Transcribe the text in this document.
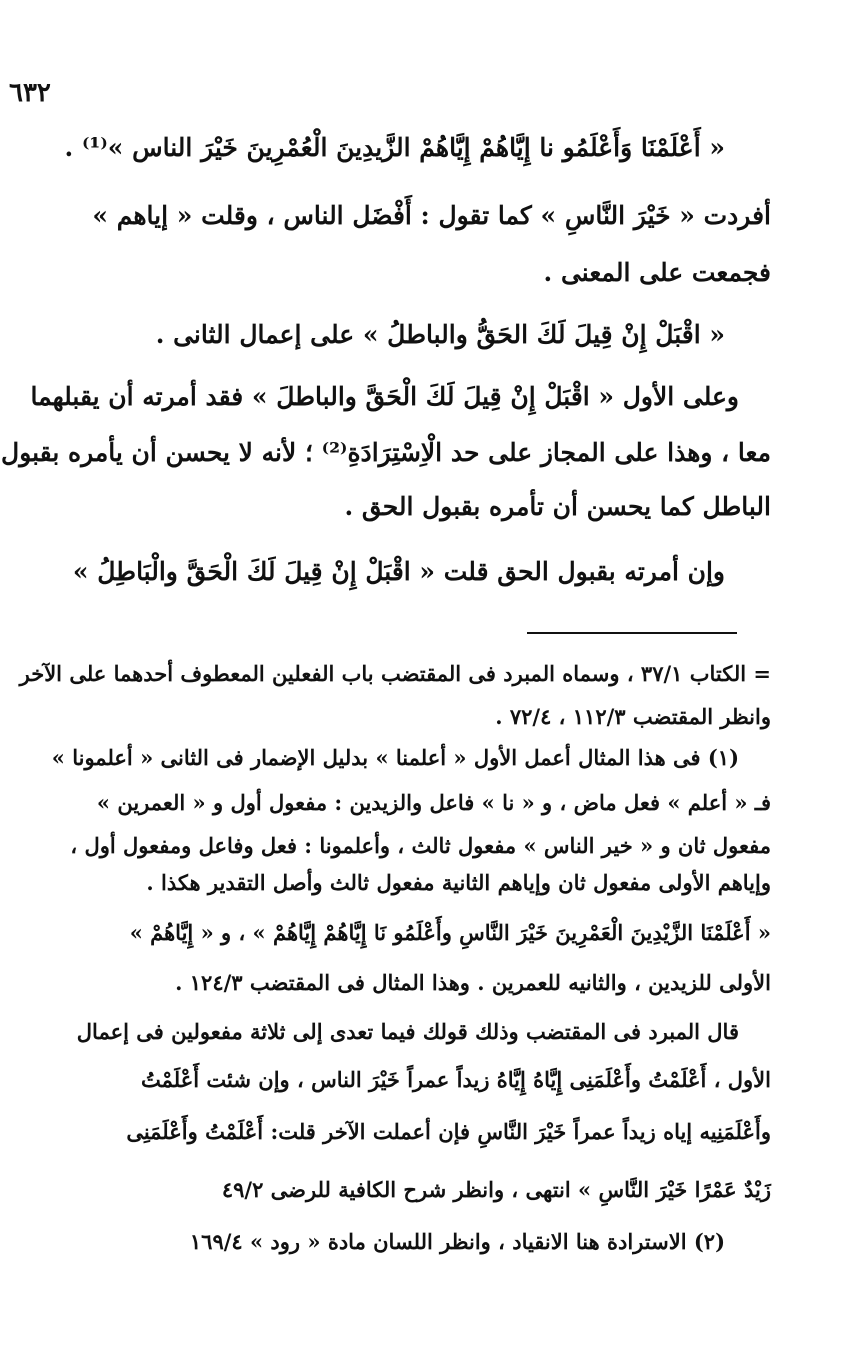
٦٣٢
« أَعْلَمْنَا وَأَعْلَمُو نا إِيَّاهُمْ إِيَّاهُمْ الزَّيدِينَ الْعُمْرِينَ خَيْرَ الناس »⁽¹⁾ .
أفردت « خَيْرَ النَّاسِ » كما تقول : أَفْضَل الناس ، وقلت « إياهم »
فجمعت على المعنى .
« اقْبَلْ إِنْ قِيلَ لَكَ الحَقُّ والباطلُ » على إعمال الثانى .
وعلى الأول « اقْبَلْ إِنْ قِيلَ لَكَ الْحَقَّ والباطلَ » فقد أمرته أن يقبلهما
معا ، وهذا على المجاز على حد الْاِسْتِرَادَةِ⁽²⁾ ؛ لأنه لا يحسن أن يأمره بقبول
الباطل كما يحسن أن تأمره بقبول الحق .
وإن أمرته بقبول الحق قلت « اقْبَلْ إِنْ قِيلَ لَكَ الْحَقَّ والْبَاطِلُ »
= الكتاب ٣٧/١ ، وسماه المبرد فى المقتضب باب الفعلين المعطوف أحدهما على الآخر
وانظر المقتضب ١١٢/٣ ، ٧٢/٤ .
(١) فى هذا المثال أعمل الأول « أعلمنا » بدليل الإضمار فى الثانى « أعلمونا »
فـ « أعلم » فعل ماض ، و « نا » فاعل والزيدين : مفعول أول و « العمرين »
مفعول ثان و « خير الناس » مفعول ثالث ، وأعلمونا : فعل وفاعل ومفعول أول ،
وإياهم الأولى مفعول ثان وإياهم الثانية مفعول ثالث وأصل التقدير هكذا .
« أَعْلَمْنَا الزَّيْدِينَ الْعَمْرِينَ خَيْرَ النَّاسِ وأَعْلَمُو نَا إِيَّاهُمْ إِيَّاهُمْ » ، و « إِيَّاهُمْ »
الأولى للزيدين ، والثانيه للعمرين . وهذا المثال فى المقتضب ١٢٤/٣ .
قال المبرد فى المقتضب وذلك قولك فيما تعدى إلى ثلاثة مفعولين فى إعمال
الأول ، أَعْلَمْتُ وأَعْلَمَنِى إِيَّاهُ إِيَّاهُ زيداً عمراً خَيْرَ الناس ، وإن شئت أَعْلَمْتُ
وأَعْلَمَنِيه إياه زيداً عمراً خَيْرَ النَّاسِ فإن أعملت الآخر قلت: أَعْلَمْتُ وأَعْلَمَنِى
زَيْدٌ عَمْرًا خَيْرَ النَّاسِ » انتهى ، وانظر شرح الكافية للرضى ٤٩/٢
(٢) الاسترادة هنا الانقياد ، وانظر اللسان مادة « رود » ١٦٩/٤
